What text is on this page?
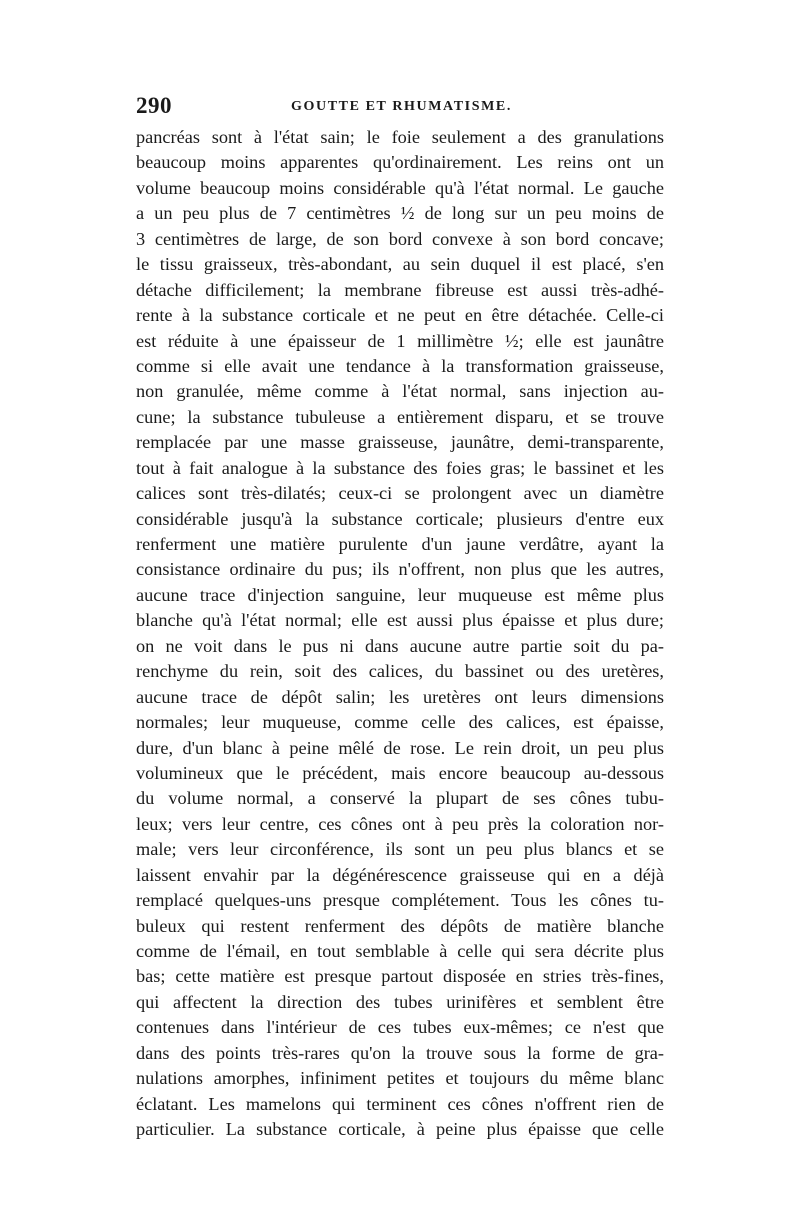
290	GOUTTE ET RHUMATISME.
pancréas sont à l'état sain; le foie seulement a des granulations
beaucoup moins apparentes qu'ordinairement. Les reins ont un
volume beaucoup moins considérable qu'à l'état normal. Le gauche
a un peu plus de 7 centimètres ½ de long sur un peu moins de
3 centimètres de large, de son bord convexe à son bord concave;
le tissu graisseux, très-abondant, au sein duquel il est placé, s'en
détache difficilement; la membrane fibreuse est aussi très-adhé-
rente à la substance corticale et ne peut en être détachée. Celle-ci
est réduite à une épaisseur de 1 millimètre ½; elle est jaunâtre
comme si elle avait une tendance à la transformation graisseuse,
non granulée, même comme à l'état normal, sans injection au-
cune; la substance tubuleuse a entièrement disparu, et se trouve
remplacée par une masse graisseuse, jaunâtre, demi-transparente,
tout à fait analogue à la substance des foies gras; le bassinet et les
calices sont très-dilatés; ceux-ci se prolongent avec un diamètre
considérable jusqu'à la substance corticale; plusieurs d'entre eux
renferment une matière purulente d'un jaune verdâtre, ayant la
consistance ordinaire du pus; ils n'offrent, non plus que les autres,
aucune trace d'injection sanguine, leur muqueuse est même plus
blanche qu'à l'état normal; elle est aussi plus épaisse et plus dure;
on ne voit dans le pus ni dans aucune autre partie soit du pa-
renchyme du rein, soit des calices, du bassinet ou des uretères,
aucune trace de dépôt salin; les uretères ont leurs dimensions
normales; leur muqueuse, comme celle des calices, est épaisse,
dure, d'un blanc à peine mêlé de rose. Le rein droit, un peu plus
volumineux que le précédent, mais encore beaucoup au-dessous
du volume normal, a conservé la plupart de ses cônes tubu-
leux; vers leur centre, ces cônes ont à peu près la coloration nor-
male; vers leur circonférence, ils sont un peu plus blancs et se
laissent envahir par la dégénérescence graisseuse qui en a déjà
remplacé quelques-uns presque complétement. Tous les cônes tu-
buleux qui restent renferment des dépôts de matière blanche
comme de l'émail, en tout semblable à celle qui sera décrite plus
bas; cette matière est presque partout disposée en stries très-fines,
qui affectent la direction des tubes urinifères et semblent être
contenues dans l'intérieur de ces tubes eux-mêmes; ce n'est que
dans des points très-rares qu'on la trouve sous la forme de gra-
nulations amorphes, infiniment petites et toujours du même blanc
éclatant. Les mamelons qui terminent ces cônes n'offrent rien de
particulier. La substance corticale, à peine plus épaisse que celle
